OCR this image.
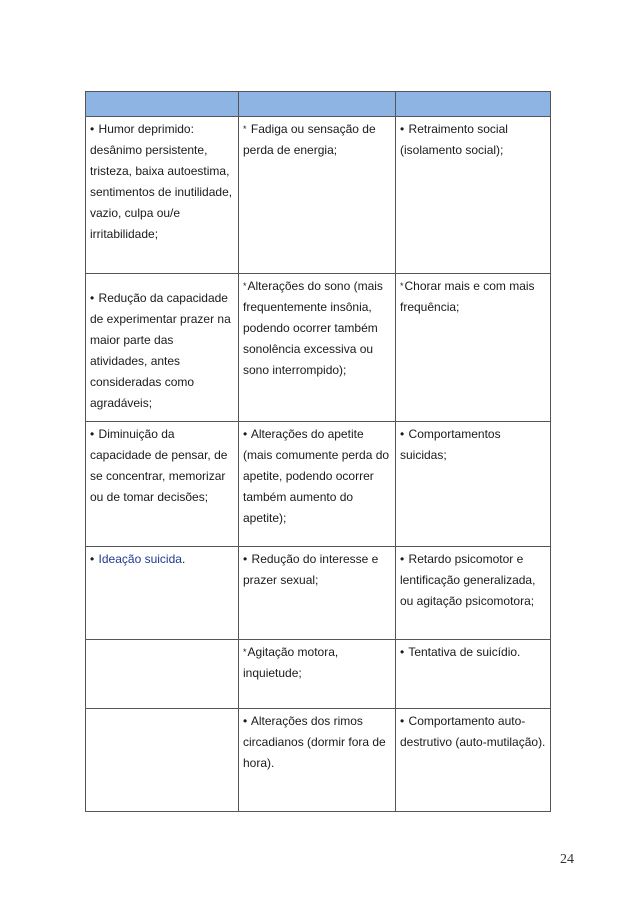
• Humor deprimido: desânimo persistente, tristeza, baixa autoestima, sentimentos de inutilidade, vazio, culpa ou/e irritabilidade;	* Fadiga ou sensação de perda de energia;	• Retraimento social (isolamento social);
• Redução da capacidade de experimentar prazer na maior parte das atividades, antes consideradas como agradáveis;	*Alterações do sono (mais frequentemente insônia, podendo ocorrer também sonolência excessiva ou sono interrompido);	*Chorar mais e com mais frequência;
• Diminuição da capacidade de pensar, de se concentrar, memorizar ou de tomar decisões;	• Alterações do apetite (mais comumente perda do apetite, podendo ocorrer também aumento do apetite);	• Comportamentos suicidas;
• Ideação suicida.	• Redução do interesse e prazer sexual;	• Retardo psicomotor e lentificação generalizada, ou agitação psicomotora;
	*Agitação motora, inquietude;	• Tentativa de suicídio.
	• Alterações dos rimos circadianos (dormir fora de hora).	• Comportamento auto-destrutivo (auto-mutilação).
24
